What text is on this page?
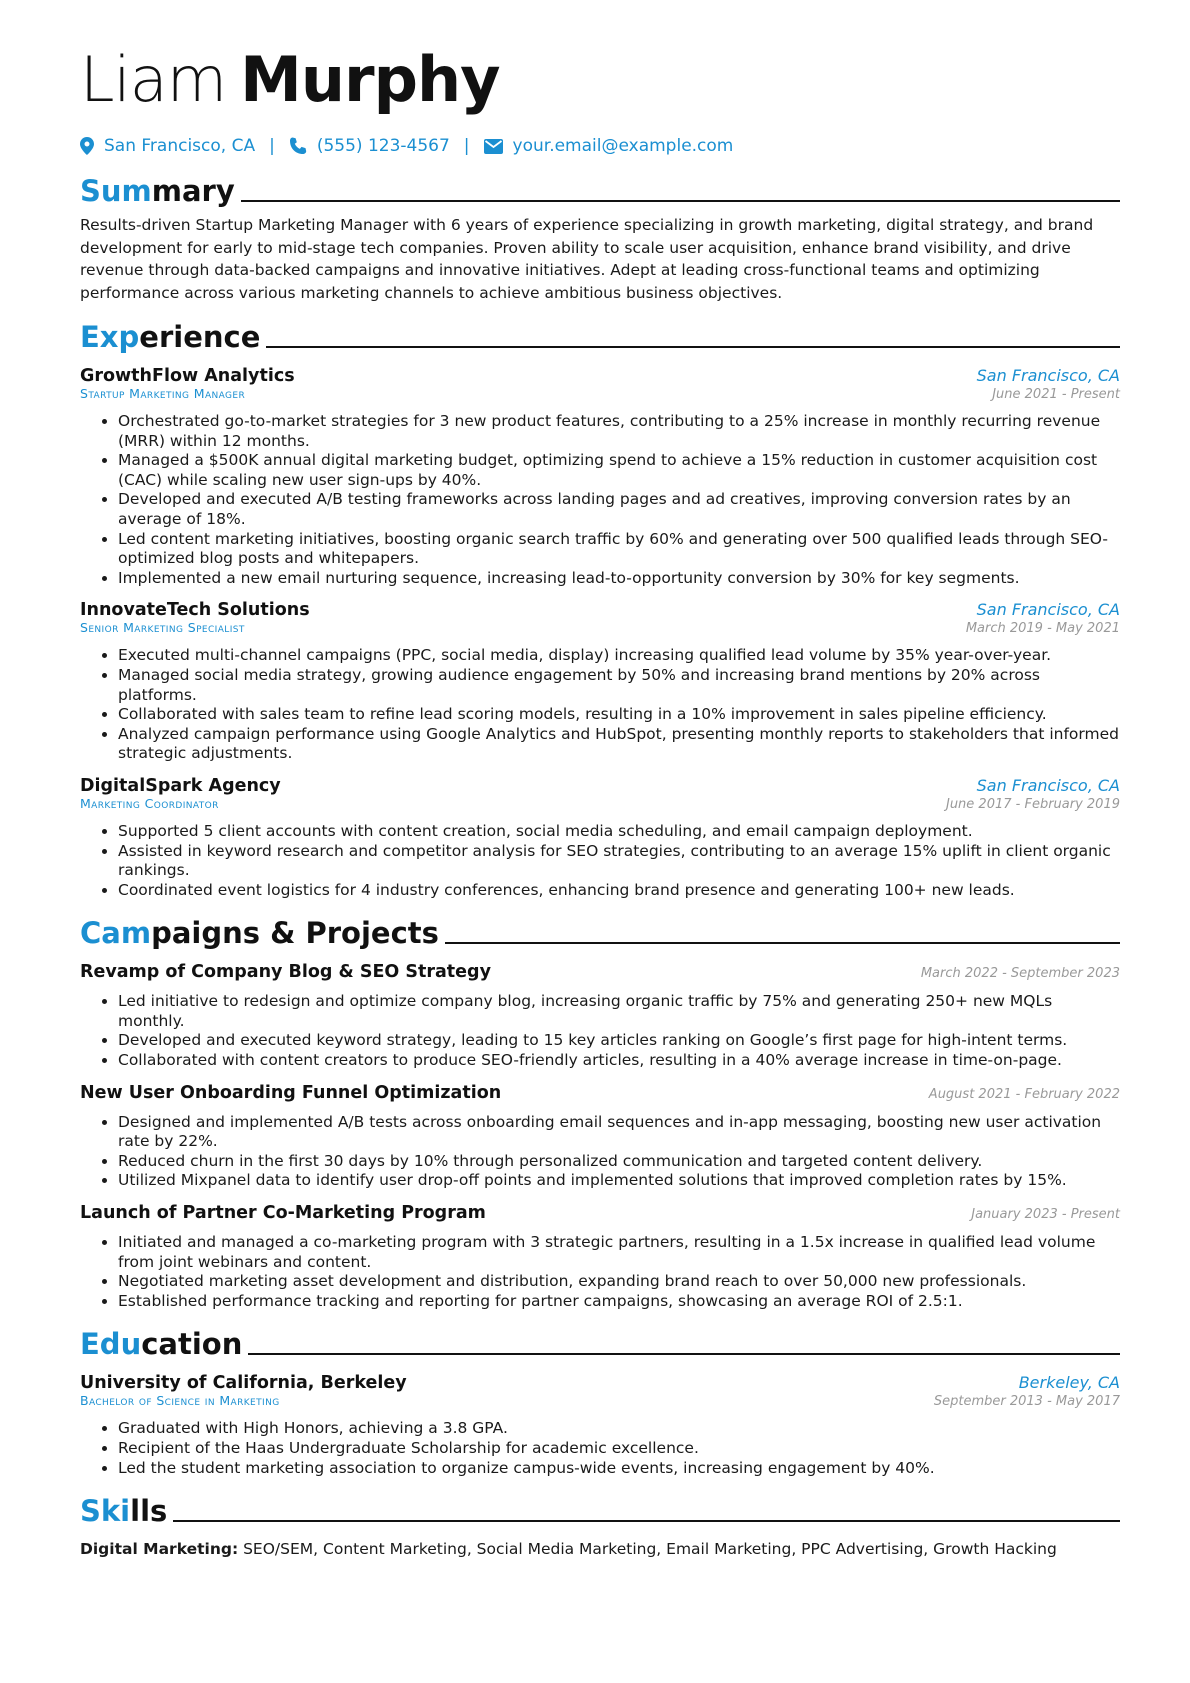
Liam Murphy
San Francisco, CA | (555) 123-4567 |	your.email@example.com
Summary

Results-driven Startup Marketing Manager with 6 years of experience specializing in growth marketing, digital strategy, and brand development for early to mid-stage tech companies. Proven ability to scale user acquisition, enhance brand visibility, and drive revenue through data-backed campaigns and innovative initiatives. Adept at leading cross-functional teams and optimizing performance across various marketing channels to achieve ambitious business objectives.

Experience
GrowthFlow Analytics	San Francisco, CA
Startup Marketing Manager	June 2021 - Present
• Orchestrated go-to-market strategies for 3 new product features, contributing to a 25% increase in monthly recurring revenue (MRR) within 12 months.
• Managed a $500K annual digital marketing budget, optimizing spend to achieve a 15% reduction in customer acquisition cost (CAC) while scaling new user sign-ups by 40%.
• Developed and executed A/B testing frameworks across landing pages and ad creatives, improving conversion rates by an average of 18%.
• Led content marketing initiatives, boosting organic search traffic by 60% and generating over 500 qualified leads through SEO-optimized blog posts and whitepapers.
• Implemented a new email nurturing sequence, increasing lead-to-opportunity conversion by 30% for key segments.
InnovateTech Solutions	San Francisco, CA
Senior Marketing Specialist	March 2019 - May 2021
• Executed multi-channel campaigns (PPC, social media, display) increasing qualified lead volume by 35% year-over-year.
• Managed social media strategy, growing audience engagement by 50% and increasing brand mentions by 20% across platforms.
• Collaborated with sales team to refine lead scoring models, resulting in a 10% improvement in sales pipeline efficiency.
• Analyzed campaign performance using Google Analytics and HubSpot, presenting monthly reports to stakeholders that informed strategic adjustments.
DigitalSpark Agency	San Francisco, CA
Marketing Coordinator	June 2017 - February 2019
• Supported 5 client accounts with content creation, social media scheduling, and email campaign deployment.
• Assisted in keyword research and competitor analysis for SEO strategies, contributing to an average 15% uplift in client organic rankings.
• Coordinated event logistics for 4 industry conferences, enhancing brand presence and generating 100+ new leads.
Campaigns & Projects
Revamp of Company Blog & SEO Strategy	March 2022 - September 2023
• Led initiative to redesign and optimize company blog, increasing organic traffic by 75% and generating 250+ new MQLs monthly.
• Developed and executed keyword strategy, leading to 15 key articles ranking on Google’s first page for high-intent terms.
• Collaborated with content creators to produce SEO-friendly articles, resulting in a 40% average increase in time-on-page.
New User Onboarding Funnel Optimization	August 2021 - February 2022
• Designed and implemented A/B tests across onboarding email sequences and in-app messaging, boosting new user activation rate by 22%.
• Reduced churn in the first 30 days by 10% through personalized communication and targeted content delivery.
• Utilized Mixpanel data to identify user drop-off points and implemented solutions that improved completion rates by 15%.
Launch of Partner Co-Marketing Program	January 2023 - Present
• Initiated and managed a co-marketing program with 3 strategic partners, resulting in a 1.5x increase in qualified lead volume from joint webinars and content.
• Negotiated marketing asset development and distribution, expanding brand reach to over 50,000 new professionals.
• Established performance tracking and reporting for partner campaigns, showcasing an average ROI of 2.5:1.
Education
University of California, Berkeley	Berkeley, CA
Bachelor of Science in Marketing	September 2013 - May 2017
• Graduated with High Honors, achieving a 3.8 GPA.
• Recipient of the Haas Undergraduate Scholarship for academic excellence.
• Led the student marketing association to organize campus-wide events, increasing engagement by 40%.
Skills
Digital Marketing: SEO/SEM, Content Marketing, Social Media Marketing, Email Marketing, PPC Advertising, Growth Hacking
